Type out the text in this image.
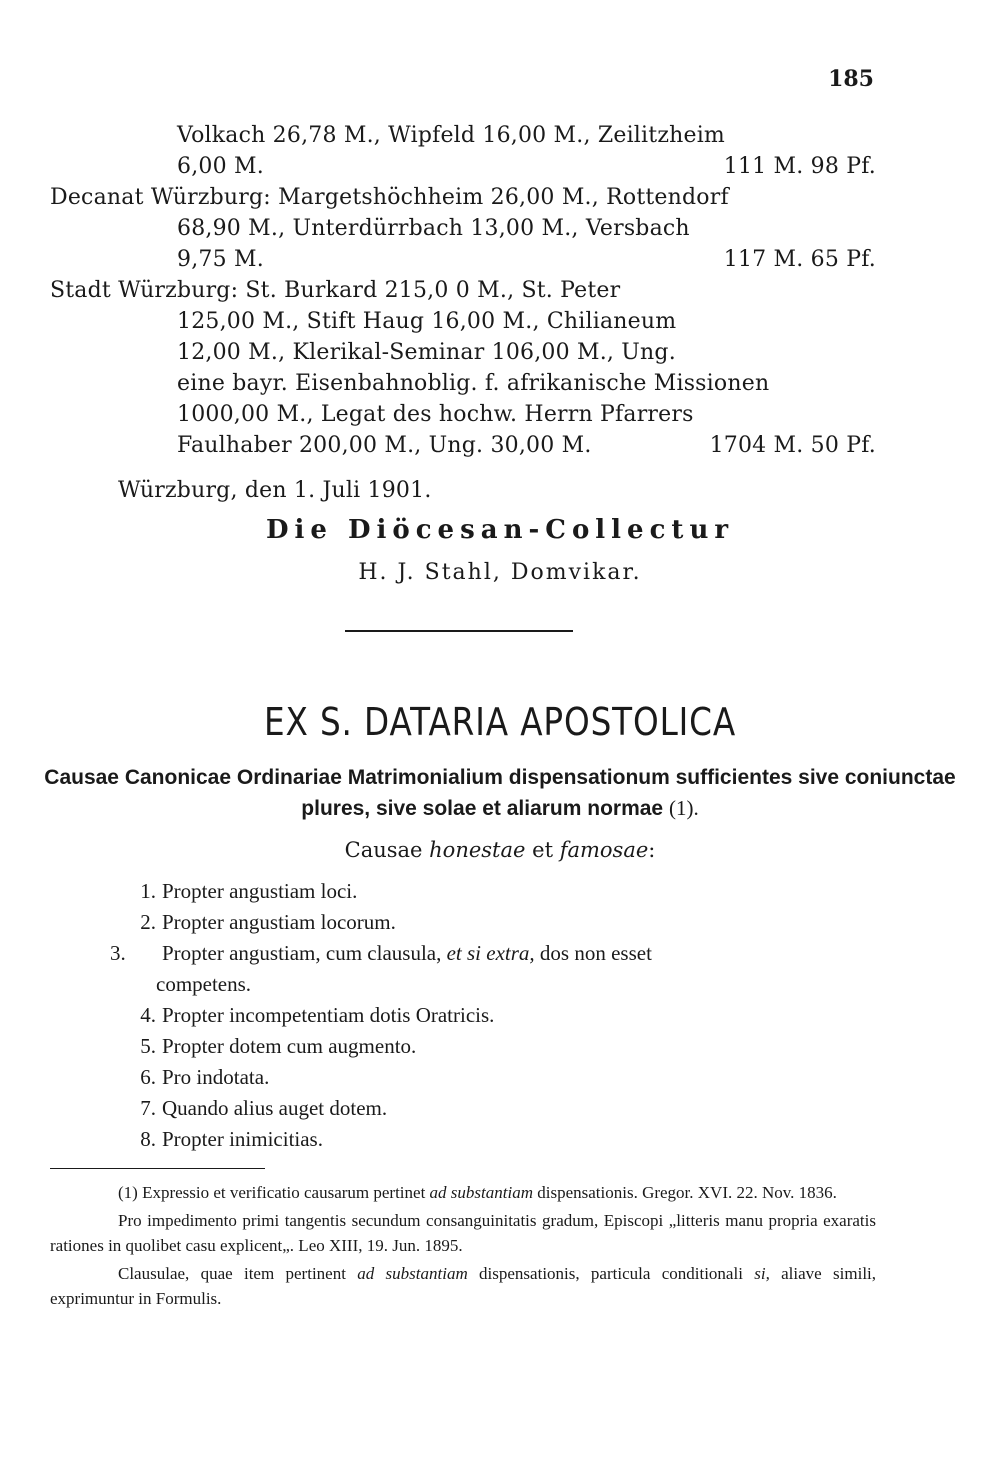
185
Volkach 26,78 M., Wipfeld 16,00 M., Zeilitzheim
6,00 M.	111 M. 98 Pf.
Decanat Würzburg: Margetshöchheim 26,00 M., Rottendorf
68,90 M., Unterdürrbach 13,00 M., Versbach
9,75 M.	117 M. 65 Pf.
Stadt Würzburg: St. Burkard 215,0 0 M., St. Peter
125,00 M., Stift Haug 16,00 M., Chilianeum
12,00 M., Klerikal-Seminar 106,00 M., Ung.
eine bayr. Eisenbahnoblig. f. afrikanische Missionen
1000,00 M., Legat des hochw. Herrn Pfarrers
Faulhaber 200,00 M., Ung. 30,00 M.	1704 M. 50 Pf.
Würzburg, den 1. Juli 1901.
Die Diöcesan-Collectur
H. J. Stahl, Domvikar.
EX S. DATARIA APOSTOLICA
Causae Canonicae Ordinariae Matrimonialium dispensationum sufficientes sive coniunctae plures, sive solae et aliarum normae (1).
Causae honestae et famosae:
1. Propter angustiam loci.
2. Propter angustiam locorum.
3. Propter angustiam, cum clausula, et si extra, dos non esset
competens.
4. Propter incompetentiam dotis Oratricis.
5. Propter dotem cum augmento.
6. Pro indotata.
7. Quando alius auget dotem.
8. Propter inimicitias.

(1) Expressio et verificatio causarum pertinet ad substantiam dispensationis. Gregor. XVI. 22. Nov. 1836.

Pro impedimento primi tangentis secundum consanguinitatis gradum, Episcopi „litteris manu propria exaratis rationes in quolibet casu explicent„. Leo XIII, 19. Jun. 1895.

Clausulae, quae item pertinent ad substantiam dispensationis, particula conditionali si, aliave simili, exprimuntur in Formulis.
